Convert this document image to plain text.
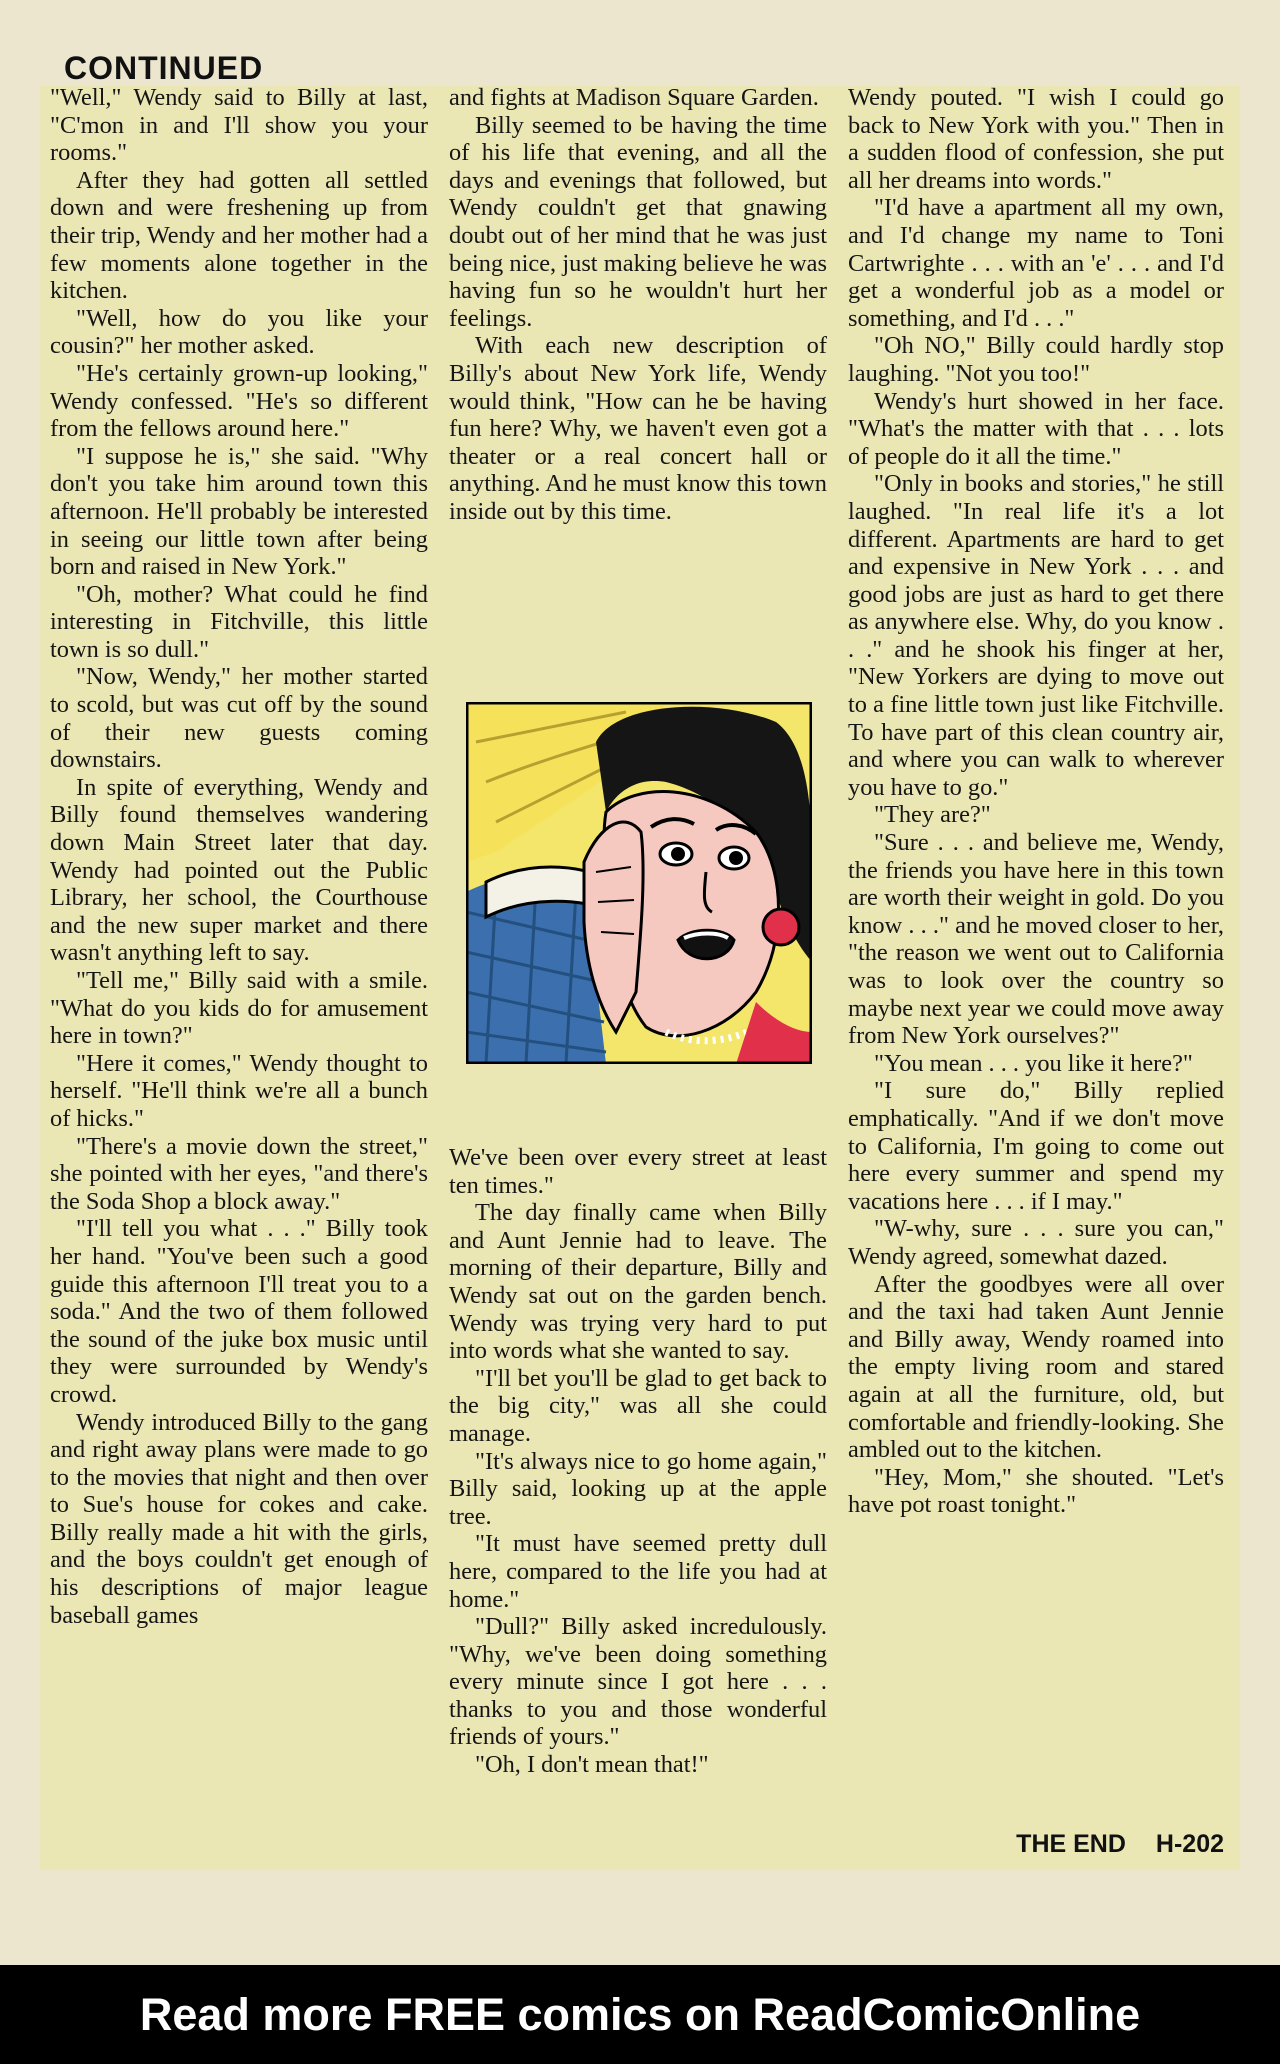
CONTINUED

"Well," Wendy said to Billy at last, "C'mon in and I'll show you your rooms."

After they had gotten all settled down and were freshening up from their trip, Wendy and her mother had a few moments alone together in the kitchen.

"Well, how do you like your cousin?" her mother asked.

"He's certainly grown-up looking," Wendy confessed. "He's so different from the fellows around here."

"I suppose he is," she said. "Why don't you take him around town this afternoon. He'll probably be interested in seeing our little town after being born and raised in New York."

"Oh, mother? What could he find interesting in Fitchville, this little town is so dull."

"Now, Wendy," her mother started to scold, but was cut off by the sound of their new guests coming downstairs.

In spite of everything, Wendy and Billy found themselves wandering down Main Street later that day. Wendy had pointed out the Public Library, her school, the Courthouse and the new super market and there wasn't anything left to say.

"Tell me," Billy said with a smile. "What do you kids do for amusement here in town?"

"Here it comes," Wendy thought to herself. "He'll think we're all a bunch of hicks."

"There's a movie down the street," she pointed with her eyes, "and there's the Soda Shop a block away."

"I'll tell you what . . ." Billy took her hand. "You've been such a good guide this afternoon I'll treat you to a soda." And the two of them followed the sound of the juke box music until they were surrounded by Wendy's crowd.

Wendy introduced Billy to the gang and right away plans were made to go to the movies that night and then over to Sue's house for cokes and cake. Billy really made a hit with the girls, and the boys couldn't get enough of his descriptions of major league baseball games

and fights at Madison Square Garden.

Billy seemed to be having the time of his life that evening, and all the days and evenings that followed, but Wendy couldn't get that gnawing doubt out of her mind that he was just being nice, just making believe he was having fun so he wouldn't hurt her feelings.

With each new description of Billy's about New York life, Wendy would think, "How can he be having fun here? Why, we haven't even got a theater or a real concert hall or anything. And he must know this town inside out by this time.

We've been over every street at least ten times."

The day finally came when Billy and Aunt Jennie had to leave. The morning of their departure, Billy and Wendy sat out on the garden bench. Wendy was trying very hard to put into words what she wanted to say.

"I'll bet you'll be glad to get back to the big city," was all she could manage.

"It's always nice to go home again," Billy said, looking up at the apple tree.

"It must have seemed pretty dull here, compared to the life you had at home."

"Dull?" Billy asked incredulously. "Why, we've been doing something every minute since I got here . . . thanks to you and those wonderful friends of yours."

"Oh, I don't mean that!"

Wendy pouted. "I wish I could go back to New York with you." Then in a sudden flood of confession, she put all her dreams into words."

"I'd have a apartment all my own, and I'd change my name to Toni Cartwrighte . . . with an 'e' . . . and I'd get a wonderful job as a model or something, and I'd . . ."

"Oh NO," Billy could hardly stop laughing. "Not you too!"

Wendy's hurt showed in her face. "What's the matter with that . . . lots of people do it all the time."

"Only in books and stories," he still laughed. "In real life it's a lot different. Apartments are hard to get and expensive in New York . . . and good jobs are just as hard to get there as anywhere else. Why, do you know . . ." and he shook his finger at her, "New Yorkers are dying to move out to a fine little town just like Fitchville. To have part of this clean country air, and where you can walk to wherever you have to go."

"They are?"

"Sure . . . and believe me, Wendy, the friends you have here in this town are worth their weight in gold. Do you know . . ." and he moved closer to her, "the reason we went out to California was to look over the country so maybe next year we could move away from New York ourselves?"

"You mean . . . you like it here?"

"I sure do," Billy replied emphatically. "And if we don't move to California, I'm going to come out here every summer and spend my vacations here . . . if I may."

"W-why, sure . . . sure you can," Wendy agreed, somewhat dazed.

After the goodbyes were all over and the taxi had taken Aunt Jennie and Billy away, Wendy roamed into the empty living room and stared again at all the furniture, old, but comfortable and friendly-looking. She ambled out to the kitchen.

"Hey, Mom," she shouted. "Let's have pot roast tonight."

THE END H-202
Read more FREE comics on ReadComicOnline
